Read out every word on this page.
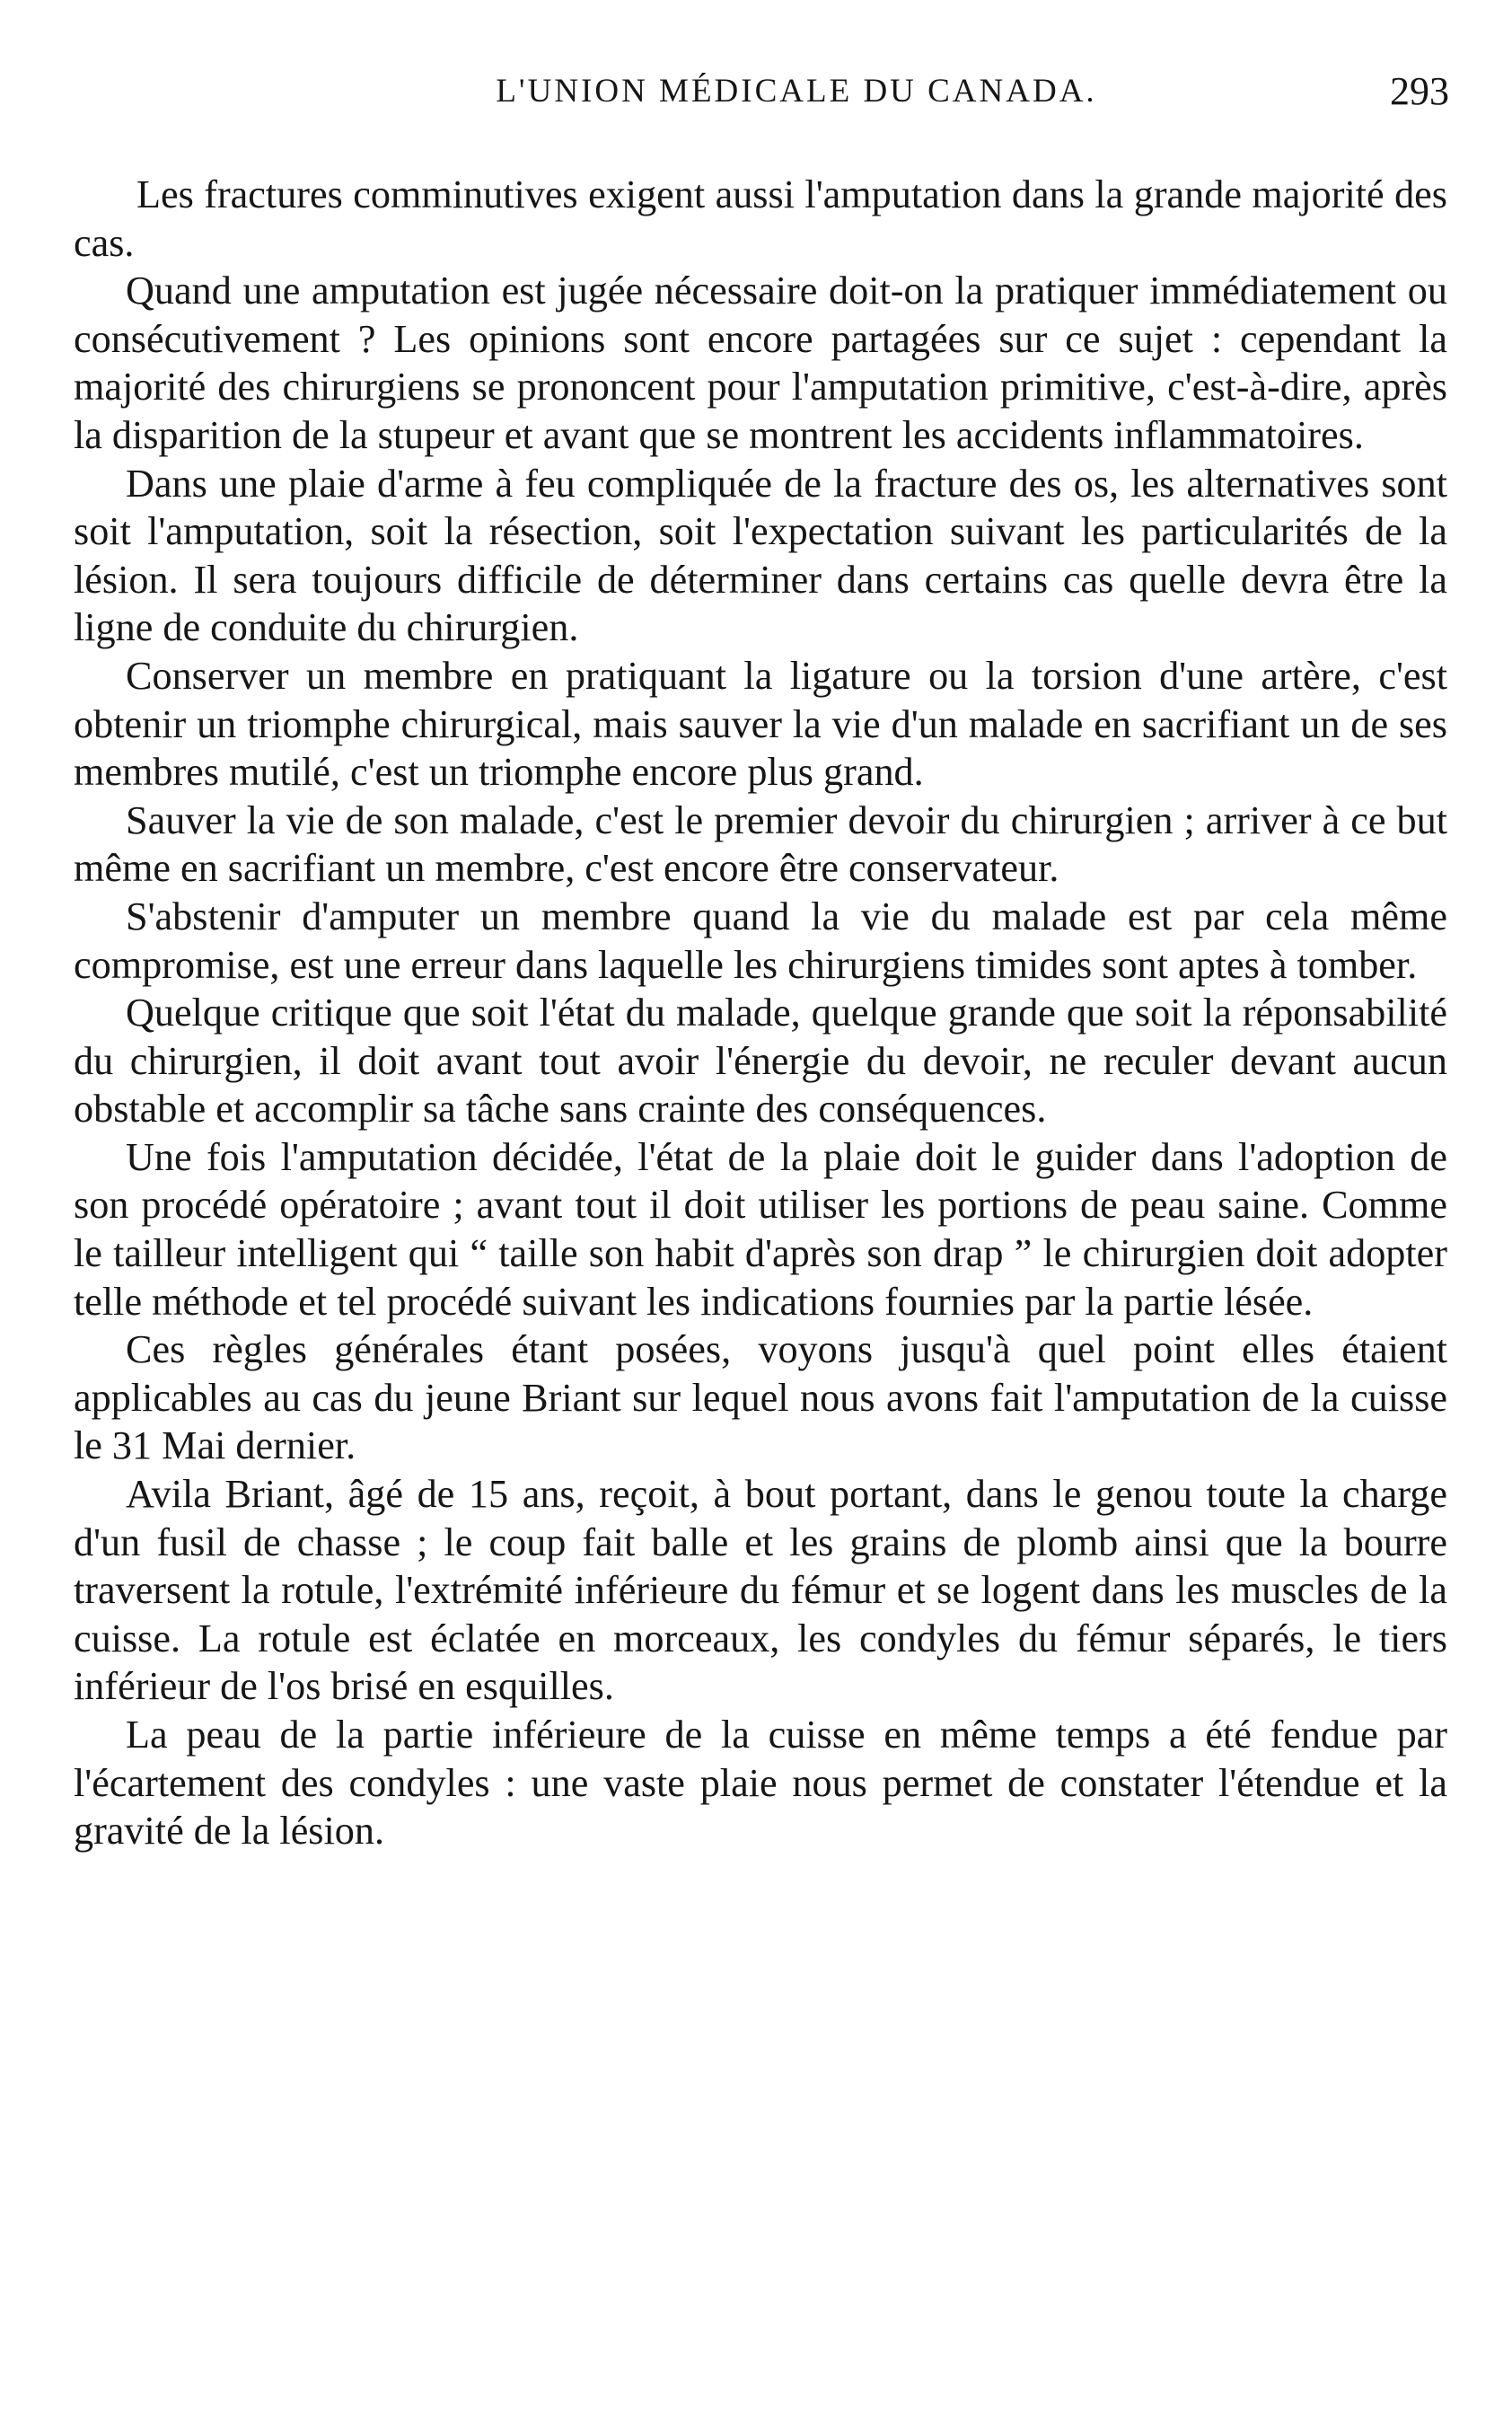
L'UNION MÉDICALE DU CANADA.	293

Les fractures comminutives exigent aussi l'amputation dans la grande majorité des cas.

Quand une amputation est jugée nécessaire doit-on la pratiquer immédiatement ou consécutivement ? Les opinions sont encore partagées sur ce sujet : cependant la majorité des chirurgiens se prononcent pour l'amputation primitive, c'est-à-dire, après la disparition de la stupeur et avant que se montrent les accidents inflammatoires.

Dans une plaie d'arme à feu compliquée de la fracture des os, les alternatives sont soit l'amputation, soit la résection, soit l'expectation suivant les particularités de la lésion. Il sera toujours difficile de déterminer dans certains cas quelle devra être la ligne de conduite du chirurgien.

Conserver un membre en pratiquant la ligature ou la torsion d'une artère, c'est obtenir un triomphe chirurgical, mais sauver la vie d'un malade en sacrifiant un de ses membres mutilé, c'est un triomphe encore plus grand.

Sauver la vie de son malade, c'est le premier devoir du chirurgien ; arriver à ce but même en sacrifiant un membre, c'est encore être conservateur.

S'abstenir d'amputer un membre quand la vie du malade est par cela même compromise, est une erreur dans laquelle les chirurgiens timides sont aptes à tomber.

Quelque critique que soit l'état du malade, quelque grande que soit la réponsabilité du chirurgien, il doit avant tout avoir l'énergie du devoir, ne reculer devant aucun obstable et accomplir sa tâche sans crainte des conséquences.

Une fois l'amputation décidée, l'état de la plaie doit le guider dans l'adoption de son procédé opératoire ; avant tout il doit utiliser les portions de peau saine. Comme le tailleur intelligent qui “ taille son habit d'après son drap ” le chirurgien doit adopter telle méthode et tel procédé suivant les indications fournies par la partie lésée.

Ces règles générales étant posées, voyons jusqu'à quel point elles étaient applicables au cas du jeune Briant sur lequel nous avons fait l'amputation de la cuisse le 31 Mai dernier.

Avila Briant, âgé de 15 ans, reçoit, à bout portant, dans le genou toute la charge d'un fusil de chasse ; le coup fait balle et les grains de plomb ainsi que la bourre traversent la rotule, l'extrémité inférieure du fémur et se logent dans les muscles de la cuisse. La rotule est éclatée en morceaux, les condyles du fémur séparés, le tiers inférieur de l'os brisé en esquilles.

La peau de la partie inférieure de la cuisse en même temps a été fendue par l'écartement des condyles : une vaste plaie nous permet de constater l'étendue et la gravité de la lésion.
